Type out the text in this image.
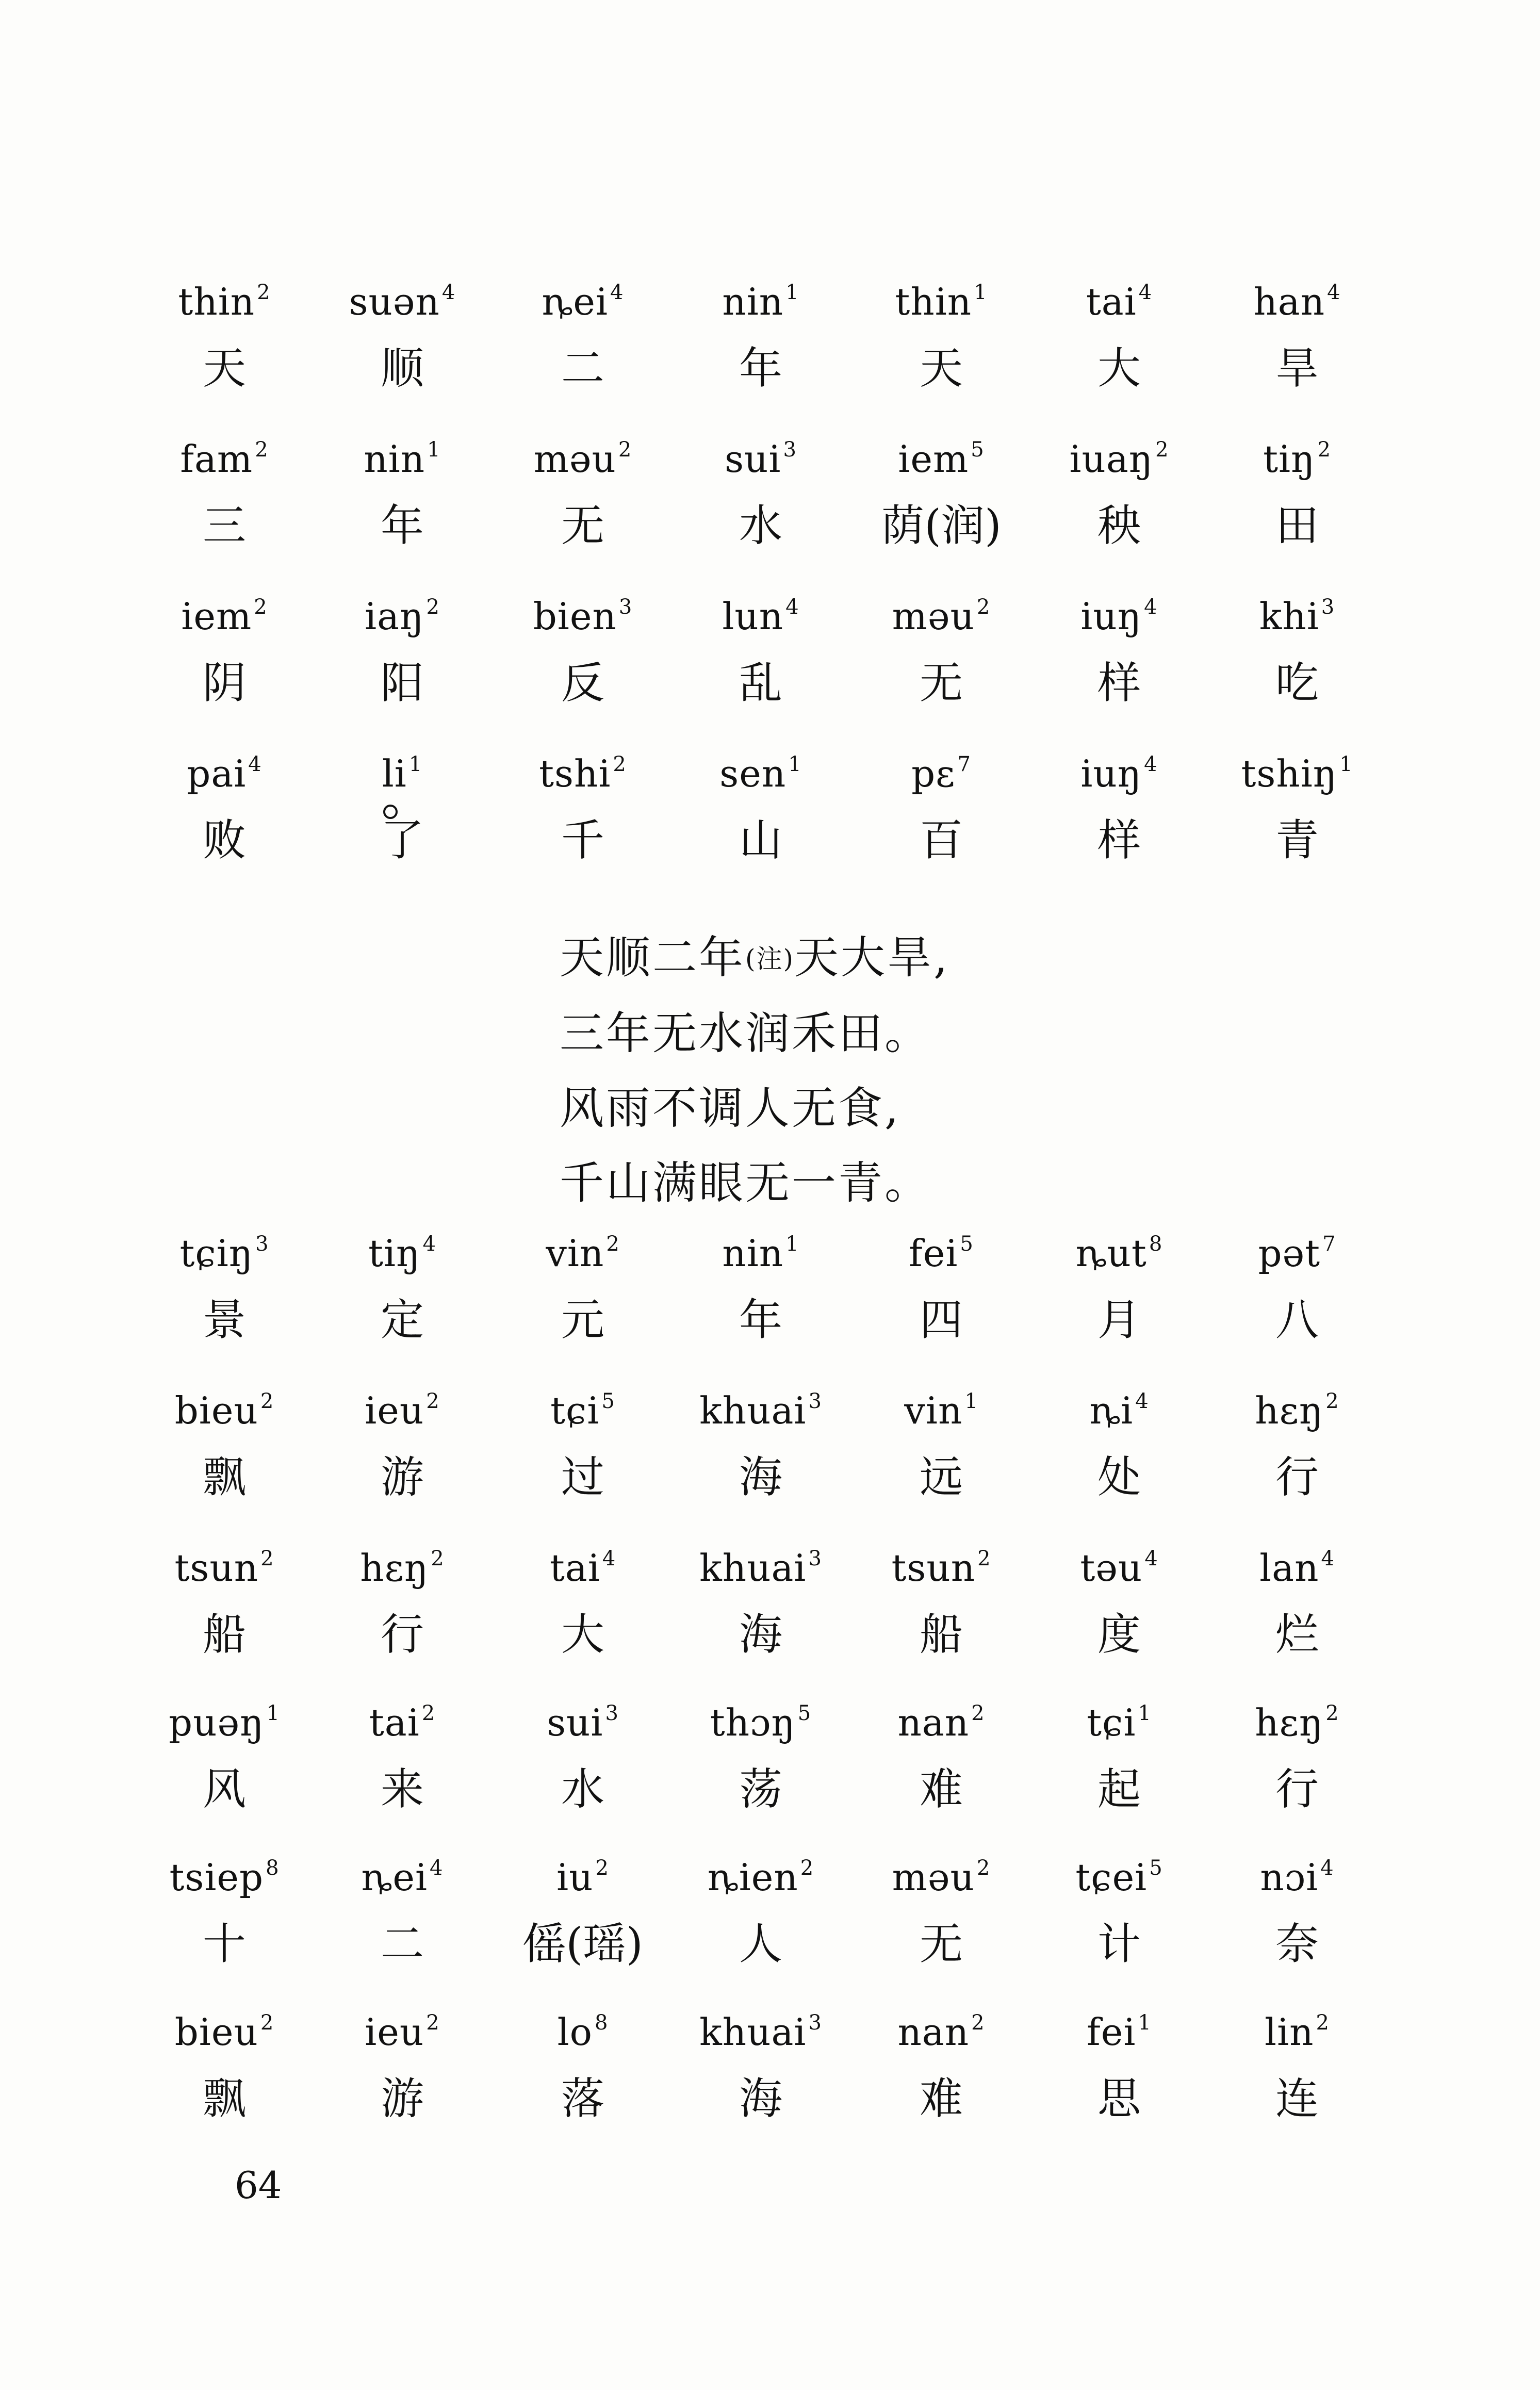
thin $^2$
天
suən $^4$
顺
ȵei $^4$
二
nin $^1$
年
thin $^1$
天
tai $^4$
大
han $^4$
旱
fam $^2$
三
nin $^1$
年
məu $^2$
无
sui $^3$
水
iem $^5$
荫(润)
iuaŋ $^2$
秧
tiŋ $^2$
田
iem $^2$
阴
iaŋ $^2$
阳
bien $^3$
反
lun $^4$
乱
məu $^2$
无
iuŋ $^4$
样
khi $^3$
吃
pai $^4$
败
li $^1$
了
tshi $^2$
千
sen $^1$
山
pε $^7$
百
iuŋ $^4$
样
tshiŋ $^1$
青
天顺二年(注)天大旱,
三年无水润禾田。
风雨不调人无食,
千山满眼无一青。
tɕiŋ $^3$
景
tiŋ $^4$
定
vin $^2$
元
nin $^1$
年
fei $^5$
四
ȵut $^8$
月
pət $^7$
八
bieu $^2$
飘
ieu $^2$
游
tɕi $^5$
过
khuai $^3$
海
vin $^1$
远
ȵi $^4$
处
hεŋ $^2$
行
tsun $^2$
船
hεŋ $^2$
行
tai $^4$
大
khuai $^3$
海
tsun $^2$
船
təu $^4$
度
lan $^4$
烂
puəŋ $^1$
风
tai $^2$
来
sui $^3$
水
thɔŋ $^5$
荡
nan $^2$
难
tɕi $^1$
起
hεŋ $^2$
行
tsiep $^8$
十
ȵei $^4$
二
iu $^2$
傜(瑶)
ȵien $^2$
人
məu $^2$
无
tɕei $^5$
计
nɔi $^4$
奈
bieu $^2$
飘
ieu $^2$
游
lo $^8$
落
khuai $^3$
海
nan $^2$
难
fei $^1$
思
lin $^2$
连
64
